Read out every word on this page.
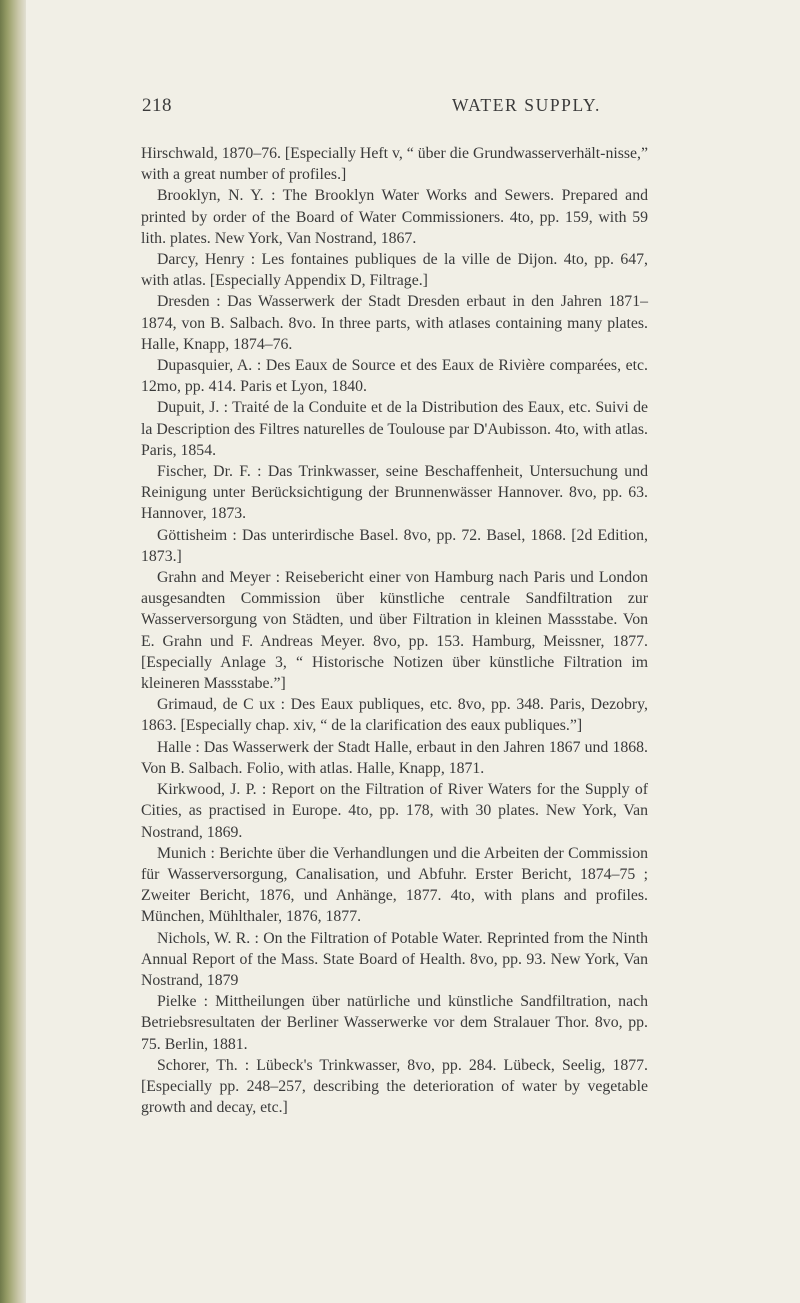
218	WATER SUPPLY.

Hirschwald, 1870–76. [Especially Heft v, “ über die Grundwasserverhält-nisse,” with a great number of profiles.]

Brooklyn, N. Y. : The Brooklyn Water Works and Sewers. Prepared and printed by order of the Board of Water Commissioners. 4to, pp. 159, with 59 lith. plates. New York, Van Nostrand, 1867.

Darcy, Henry : Les fontaines publiques de la ville de Dijon. 4to, pp. 647, with atlas. [Especially Appendix D, Filtrage.]

Dresden : Das Wasserwerk der Stadt Dresden erbaut in den Jahren 1871–1874, von B. Salbach. 8vo. In three parts, with atlases containing many plates. Halle, Knapp, 1874–76.

Dupasquier, A. : Des Eaux de Source et des Eaux de Rivière comparées, etc. 12mo, pp. 414. Paris et Lyon, 1840.

Dupuit, J. : Traité de la Conduite et de la Distribution des Eaux, etc. Suivi de la Description des Filtres naturelles de Toulouse par D'Aubisson. 4to, with atlas. Paris, 1854.

Fischer, Dr. F. : Das Trinkwasser, seine Beschaffenheit, Untersuchung und Reinigung unter Berücksichtigung der Brunnenwässer Hannover. 8vo, pp. 63. Hannover, 1873.

Göttisheim : Das unterirdische Basel. 8vo, pp. 72. Basel, 1868. [2d Edition, 1873.]

Grahn and Meyer : Reisebericht einer von Hamburg nach Paris und London ausgesandten Commission über künstliche centrale Sandfiltration zur Wasserversorgung von Städten, und über Filtration in kleinen Massstabe. Von E. Grahn und F. Andreas Meyer. 8vo, pp. 153. Hamburg, Meissner, 1877. [Especially Anlage 3, “ Historische Notizen über künstliche Filtration im kleineren Massstabe.”]

Grimaud, de C ux : Des Eaux publiques, etc. 8vo, pp. 348. Paris, Dezobry, 1863. [Especially chap. xiv, “ de la clarification des eaux publiques.”]

Halle : Das Wasserwerk der Stadt Halle, erbaut in den Jahren 1867 und 1868. Von B. Salbach. Folio, with atlas. Halle, Knapp, 1871.

Kirkwood, J. P. : Report on the Filtration of River Waters for the Supply of Cities, as practised in Europe. 4to, pp. 178, with 30 plates. New York, Van Nostrand, 1869.

Munich : Berichte über die Verhandlungen und die Arbeiten der Commission für Wasserversorgung, Canalisation, und Abfuhr. Erster Bericht, 1874–75 ; Zweiter Bericht, 1876, und Anhänge, 1877. 4to, with plans and profiles. München, Mühlthaler, 1876, 1877.

Nichols, W. R. : On the Filtration of Potable Water. Reprinted from the Ninth Annual Report of the Mass. State Board of Health. 8vo, pp. 93. New York, Van Nostrand, 1879

Pielke : Mittheilungen über natürliche und künstliche Sandfiltration, nach Betriebsresultaten der Berliner Wasserwerke vor dem Stralauer Thor. 8vo, pp. 75. Berlin, 1881.

Schorer, Th. : Lübeck's Trinkwasser, 8vo, pp. 284. Lübeck, Seelig, 1877. [Especially pp. 248–257, describing the deterioration of water by vegetable growth and decay, etc.]
